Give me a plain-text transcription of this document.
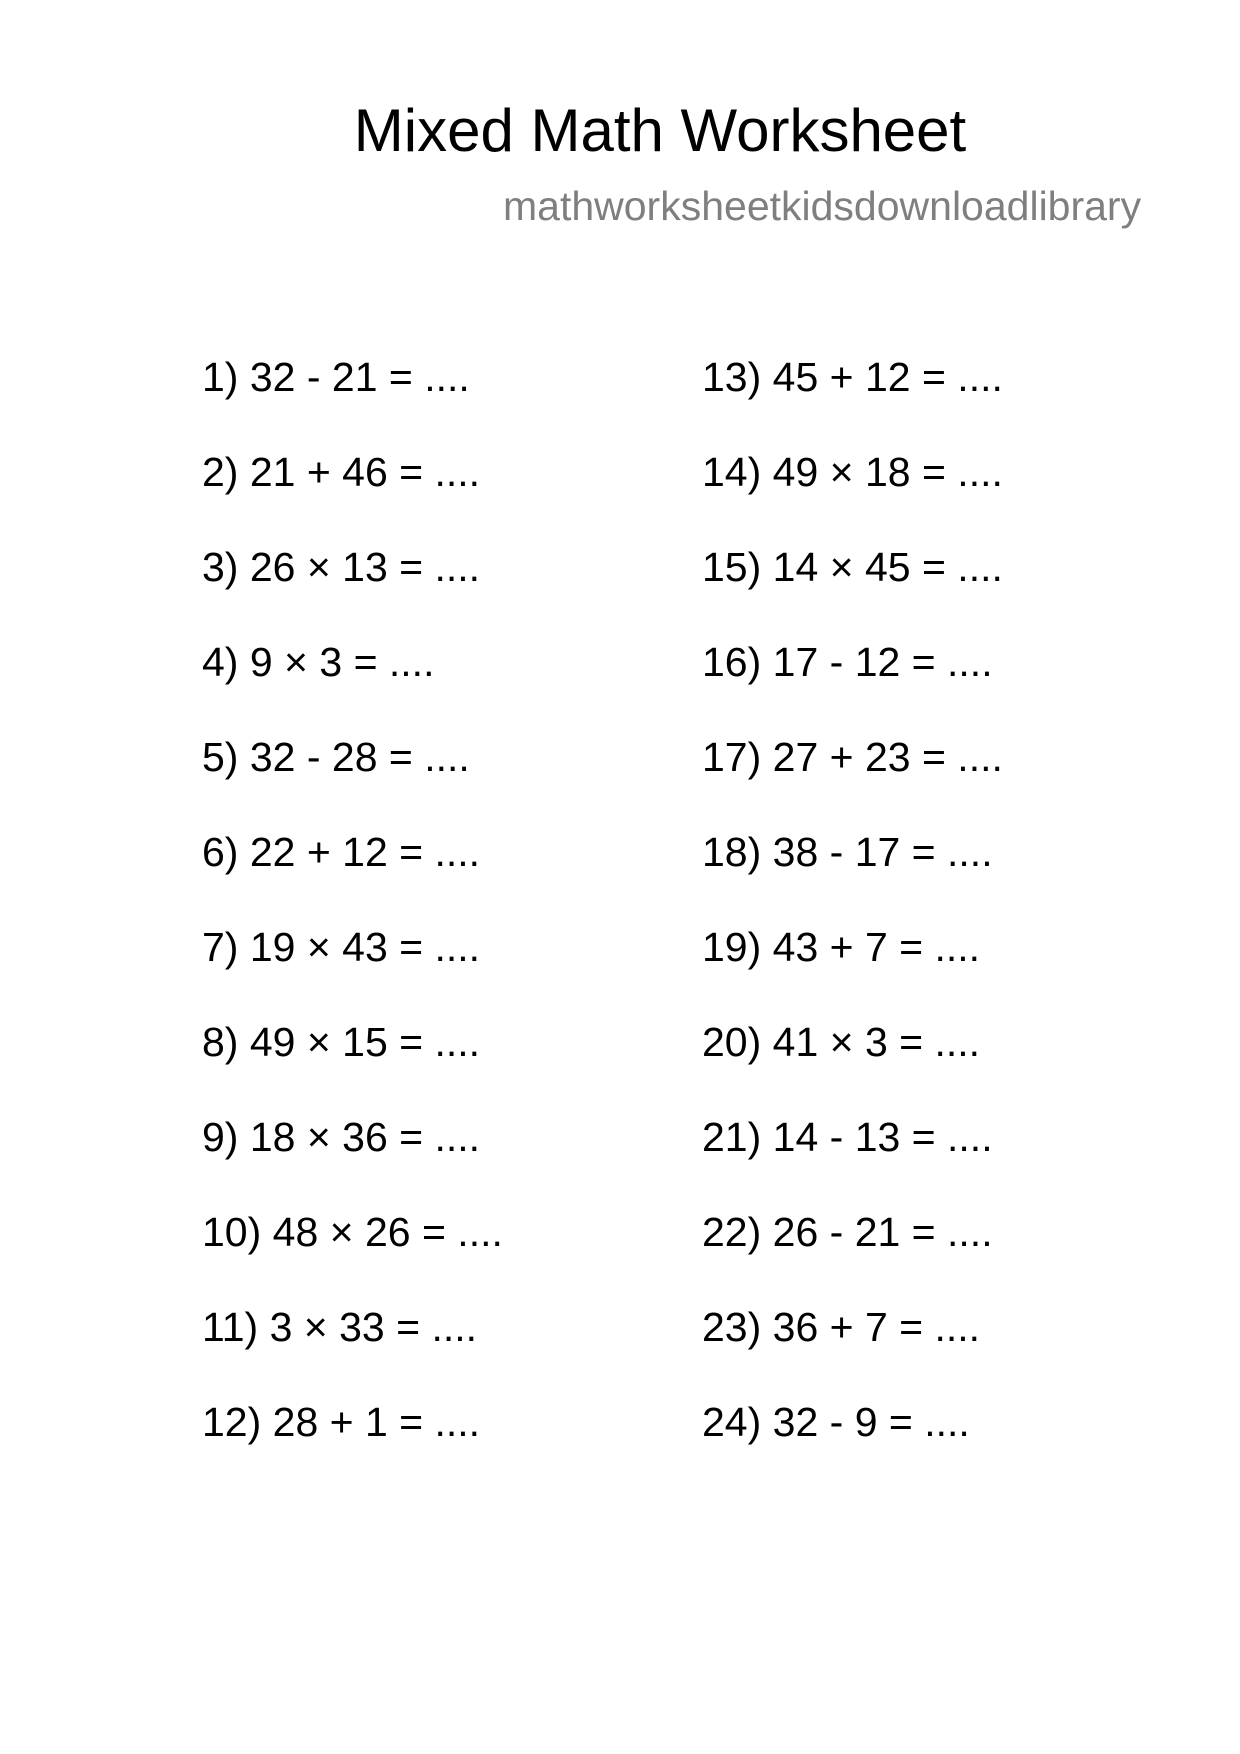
Mixed Math Worksheet
mathworksheetkidsdownloadlibrary
1) 32 - 21 = ....
2) 21 + 46 = ....
3) 26 × 13 = ....
4) 9 × 3 = ....
5) 32 - 28 = ....
6) 22 + 12 = ....
7) 19 × 43 = ....
8) 49 × 15 = ....
9) 18 × 36 = ....
10) 48 × 26 = ....
11) 3 × 33 = ....
12) 28 + 1 = ....
13) 45 + 12 = ....
14) 49 × 18 = ....
15) 14 × 45 = ....
16) 17 - 12 = ....
17) 27 + 23 = ....
18) 38 - 17 = ....
19) 43 + 7 = ....
20) 41 × 3 = ....
21) 14 - 13 = ....
22) 26 - 21 = ....
23) 36 + 7 = ....
24) 32 - 9 = ....
